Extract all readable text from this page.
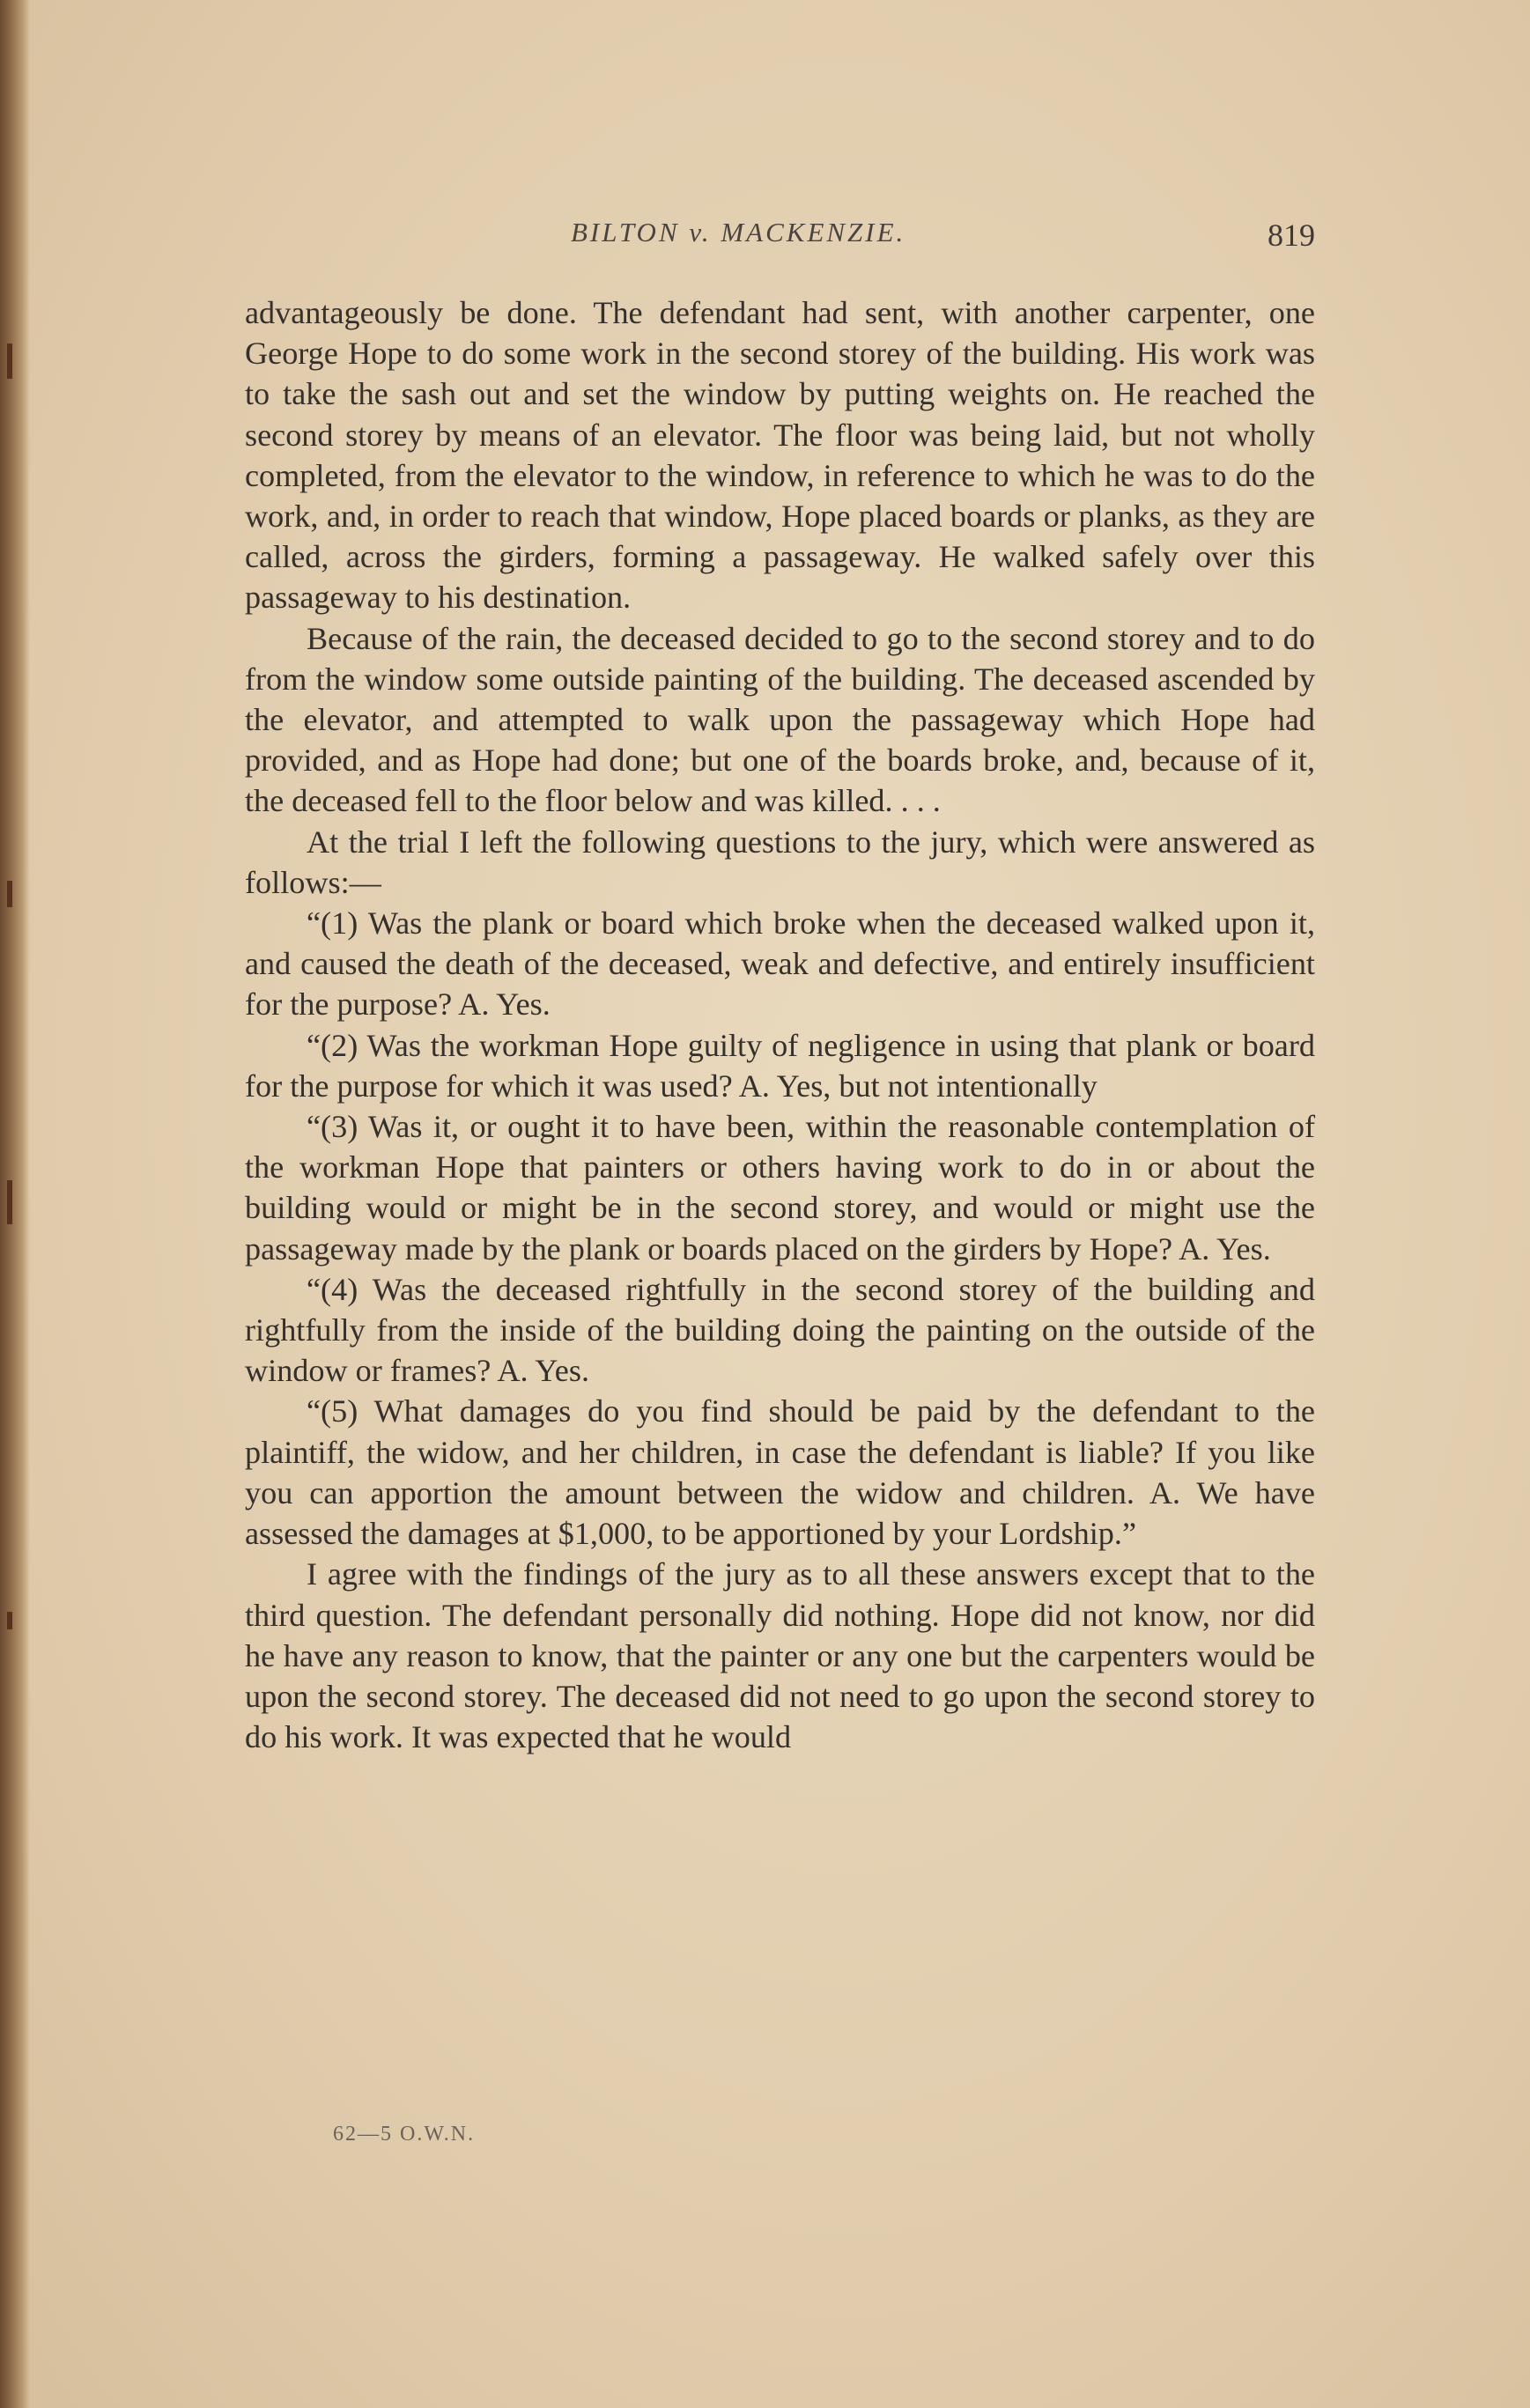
BILTON v. MACKENZIE.	819

advantageously be done. The defendant had sent, with another carpenter, one George Hope to do some work in the second storey of the building. His work was to take the sash out and set the window by putting weights on. He reached the second storey by means of an elevator. The floor was being laid, but not wholly completed, from the elevator to the window, in reference to which he was to do the work, and, in order to reach that window, Hope placed boards or planks, as they are called, across the girders, forming a passageway. He walked safely over this passageway to his destination.

Because of the rain, the deceased decided to go to the second storey and to do from the window some outside painting of the building. The deceased ascended by the elevator, and attempted to walk upon the passageway which Hope had provided, and as Hope had done; but one of the boards broke, and, because of it, the deceased fell to the floor below and was killed. . . .

At the trial I left the following questions to the jury, which were answered as follows:—

“(1) Was the plank or board which broke when the deceased walked upon it, and caused the death of the deceased, weak and defective, and entirely insufficient for the purpose? A. Yes.

“(2) Was the workman Hope guilty of negligence in using that plank or board for the purpose for which it was used? A. Yes, but not intentionally

“(3) Was it, or ought it to have been, within the reasonable contemplation of the workman Hope that painters or others having work to do in or about the building would or might be in the second storey, and would or might use the passageway made by the plank or boards placed on the girders by Hope? A. Yes.

“(4) Was the deceased rightfully in the second storey of the building and rightfully from the inside of the building doing the painting on the outside of the window or frames? A. Yes.

“(5) What damages do you find should be paid by the defendant to the plaintiff, the widow, and her children, in case the defendant is liable? If you like you can apportion the amount between the widow and children. A. We have assessed the damages at $1,000, to be apportioned by your Lordship.”

I agree with the findings of the jury as to all these answers except that to the third question. The defendant personally did nothing. Hope did not know, nor did he have any reason to know, that the painter or any one but the carpenters would be upon the second storey. The deceased did not need to go upon the second storey to do his work. It was expected that he would

62—5 O.W.N.
